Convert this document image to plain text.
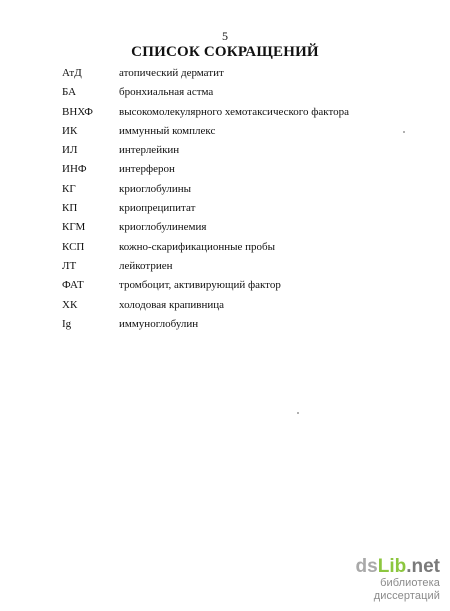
5
СПИСОК СОКРАЩЕНИЙ
АтД	атопический дерматит
БА	бронхиальная астма
ВНХФ высокомолекулярного хемотаксического фактора
ИК	иммунный комплекс
ИЛ	интерлейкин
ИНФ	интерферон
КГ	криоглобулины
КП	криопреципитат
КГМ	криоглобулинемия
КСП	кожно-скарификационные пробы
ЛТ	лейкотриен
ФАТ	тромбоцит, активирующий фактор
ХК	холодовая крапивница
Ig	иммуноглобулин
dsLib.net
библиотека диссертаций
